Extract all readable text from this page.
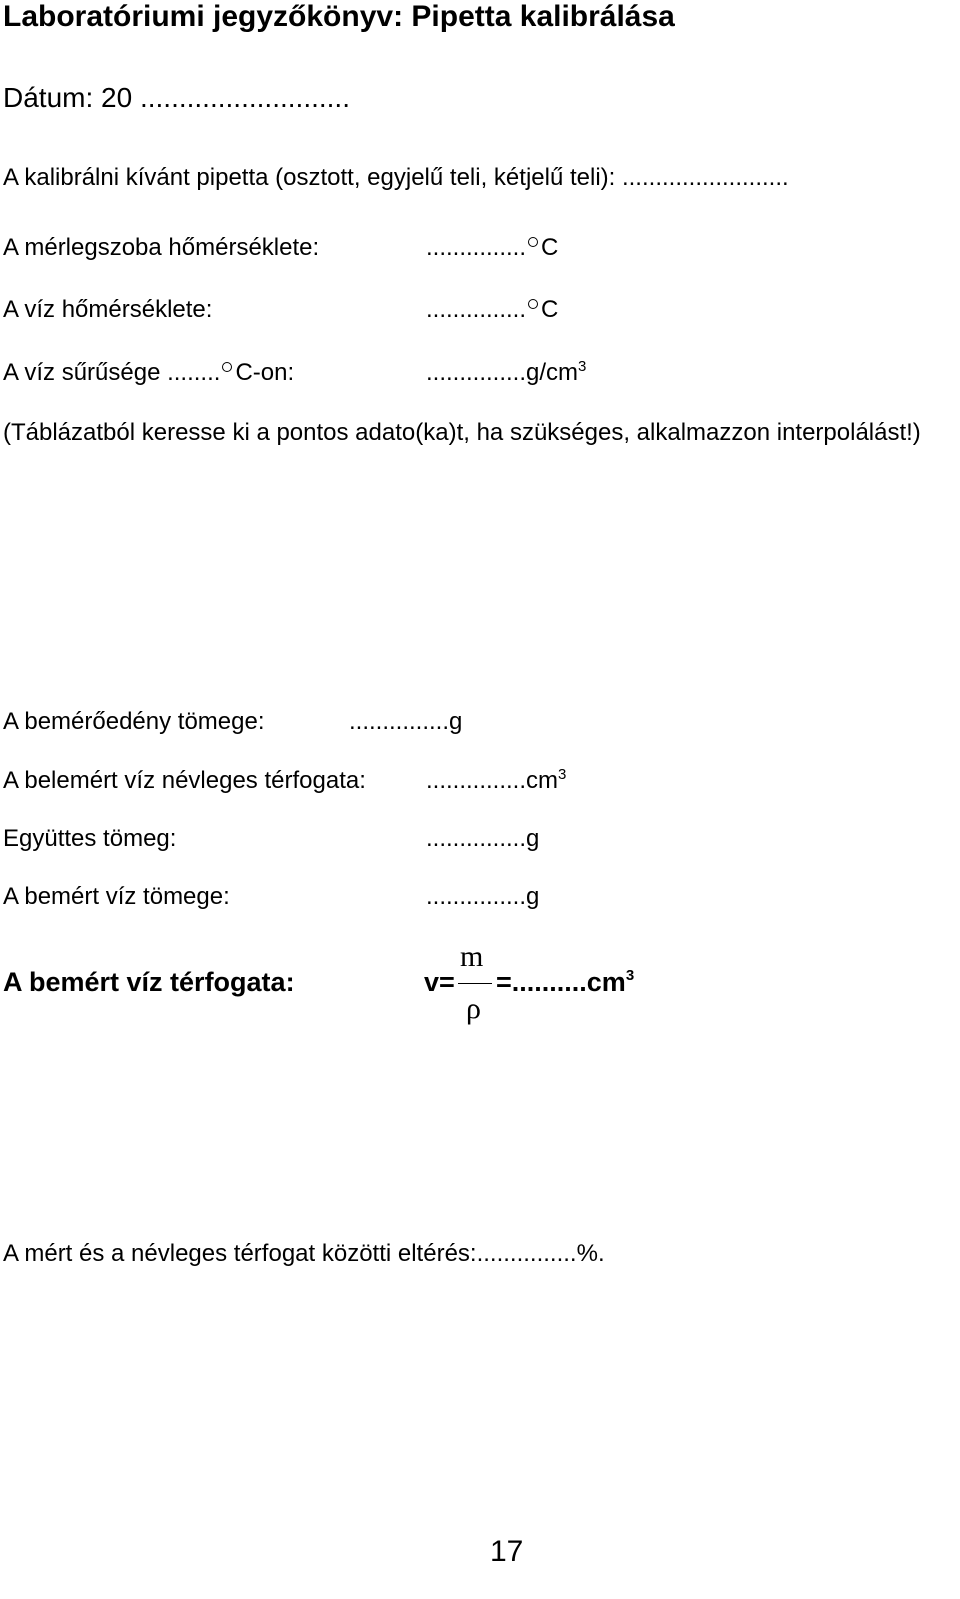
Laboratóriumi jegyzőkönyv: Pipetta kalibrálása
Dátum: 20 ...........................
A kalibrálni kívánt pipetta (osztott, egyjelű teli, kétjelű teli): .........................
A mérlegszoba hőmérséklete:	............... C
A víz hőmérséklete:	............... C
A víz sűrűsége ........ C-on:	$...............g/cm^3$
(Táblázatból keresse ki a pontos adato(ka)t, ha szükséges, alkalmazzon interpolálást!)
A bemérőedény tömege:	...............g
A belemért víz névleges térfogata:	$...............cm^3$
Együttes tömeg:	...............g
A bemért víz tömege:	...............g
A bemért víz térfogata:	v=
m
ρ
$=..........cm^3$
A mért és a névleges térfogat közötti eltérés:...............%.
17
